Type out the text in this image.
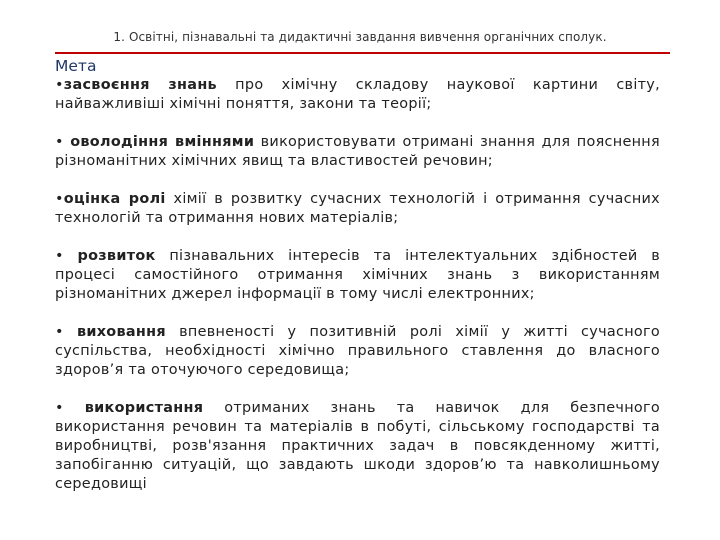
1. Освітні, пізнавальні та дидактичні завдання вивчення органічних сполук.
Мета

•засвоєння знань про хімічну складову наукової картини світу, найважливіші хімічні поняття, закони та теорії;

• оволодіння вміннями використовувати отримані знання для пояснення різноманітних хімічних явищ та властивостей речовин;

•оцінка ролі хімії в розвитку сучасних технологій і отримання сучасних технологій та отримання нових матеріалів;

• розвиток пізнавальних інтересів та інтелектуальних здібностей в процесі самостійного отримання хімічних знань з використанням різноманітних джерел інформації в тому числі електронних;

• виховання впевненості у позитивній ролі хімії у житті сучасного суспільства, необхідності хімічно правильного ставлення до власного здоров’я та оточуючого середовища;

• використання отриманих знань та навичок для безпечного використання речовин та матеріалів в побуті, сільському господарстві та виробництві, розв'язання практичних задач в повсякденному житті, запобіганню ситуацій, що завдають шкоди здоров’ю та навколишньому середовищі
